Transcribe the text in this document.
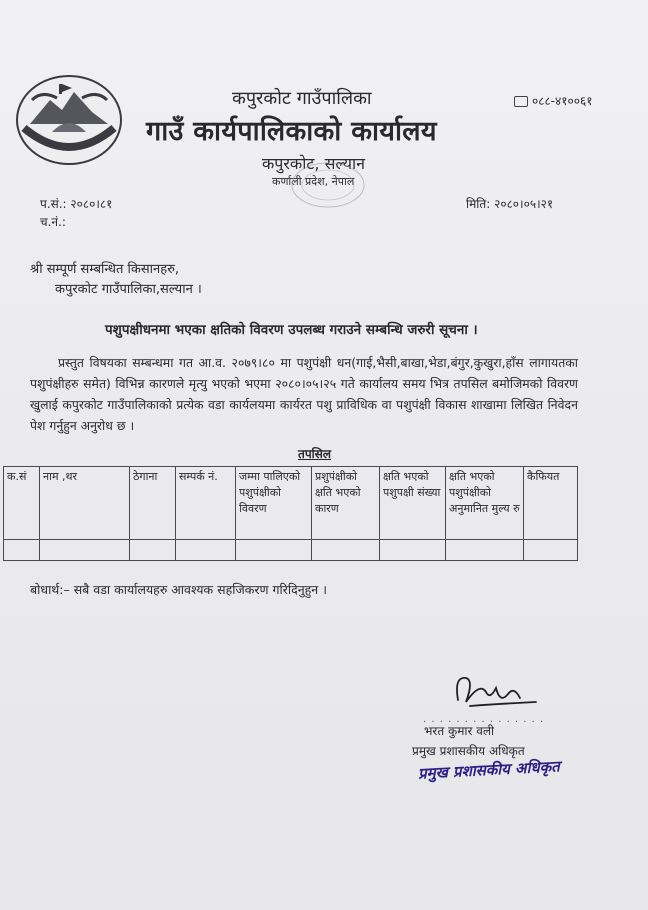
कपुरकोट गाउँपालिका
गाउँ कार्यपालिकाको कार्यालय
कपुरकोट, सल्यान
कर्णाली प्रदेश, नेपाल
०८८-४१००६१
प.सं.: २०८०।८१
च.नं.:
मिति: २०८०।०५।२१
श्री सम्पूर्ण सम्बन्धित किसानहरु,
कपुरकोट गाउँपालिका,सल्यान ।
पशुपक्षीधनमा भएका क्षतिको विवरण उपलब्ध गराउने सम्बन्धि जरुरी सूचना ।
प्रस्तुत विषयका सम्बन्धमा गत आ.व. २०७९।८० मा पशुपंक्षी धन(गाई,भैसी,बाखा,भेडा,बंगुर,कुखुरा,हाँस लागायतका पशुपंक्षीहरु समेत) विभिन्न कारणले मृत्यु भएको भएमा २०८०।०५।२५ गते कार्यालय समय भित्र तपसिल बमोजिमको विवरण खुलाई कपुरकोट गाउँपालिकाको प्रत्येक वडा कार्यलयमा कार्यरत पशु प्राविधिक वा पशुपंक्षी विकास शाखामा लिखित निवेदन पेश गर्नुहुन अनुरोध छ ।
तपसिल
क.सं	नाम ,थर	ठेगाना	सम्पर्क नं.	जम्मा पालिएको पशुपंक्षीको विवरण	प्रशुपंक्षीको क्षति भएको कारण	क्षति भएको पशुपक्षी संख्या	क्षति भएको पशुपंक्षीको अनुमानित मुल्य रु	कैफियत

बोधार्थ:– सबै वडा कार्यालयहरु आवश्यक सहजिकरण गरिदिनुहुन ।
. . . . . . . . . . . . . . .
भरत कुमार वली
प्रमुख प्रशासकीय अधिकृत
प्रमुख प्रशासकीय अधिकृत
